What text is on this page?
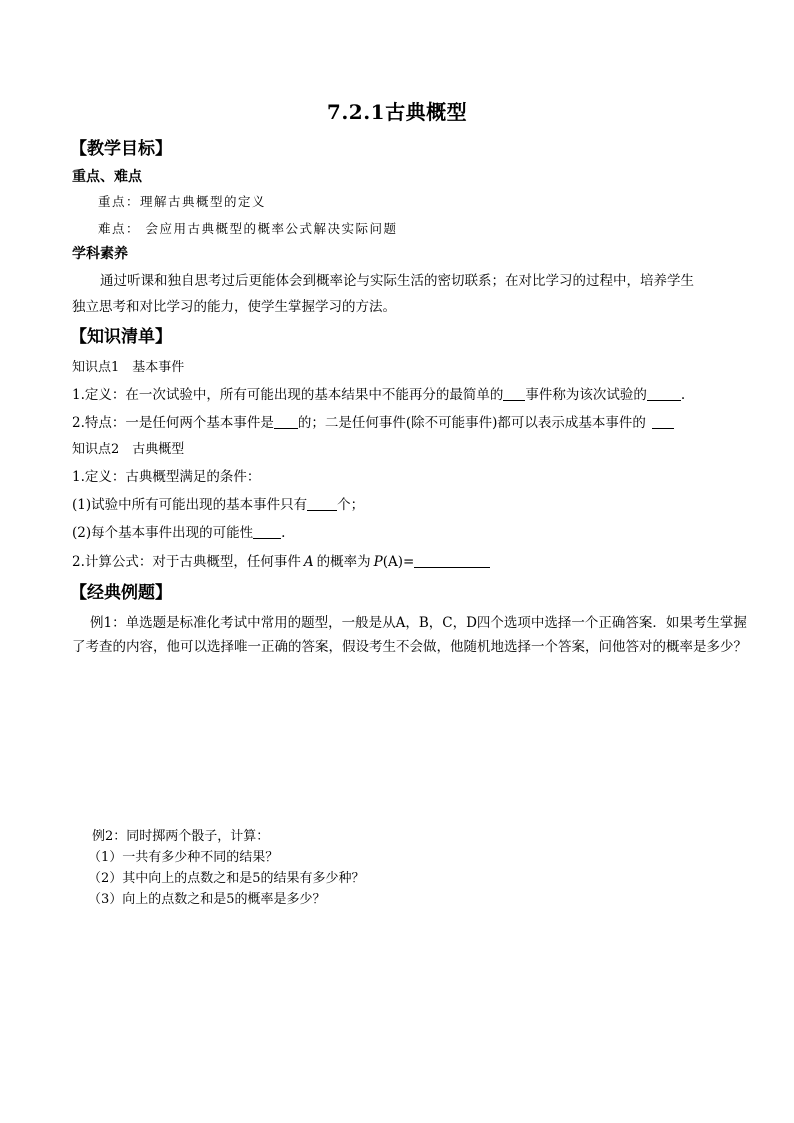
7.2.1古典概型
【教学目标】
重点、难点
重点：理解古典概型的定义
难点： 会应用古典概型的概率公式解决实际问题
学科素养
通过听课和独自思考过后更能体会到概率论与实际生活的密切联系；在对比学习的过程中，培养学生
独立思考和对比学习的能力，使学生掌握学习的方法。
【知识清单】
知识点1　基本事件
1.定义：在一次试验中，所有可能出现的基本结果中不能再分的最简单的 事件称为该次试验的	.
2.特点：一是任何两个基本事件是 的；二是任何事件(除不可能事件)都可以表示成基本事件的
知识点2　古典概型
1.定义：古典概型满足的条件：
(1)试验中所有可能出现的基本事件只有 个；
(2)每个基本事件出现的可能性 .
2.计算公式：对于古典概型，任何事件 A 的概率为 P(A)=
【经典例题】
例1：单选题是标准化考试中常用的题型，一般是从A，B，C，D四个选项中选择一个正确答案．如果考生掌握
了考查的内容，他可以选择唯一正确的答案，假设考生不会做，他随机地选择一个答案，问他答对的概率是多少？
例2：同时掷两个骰子，计算：
（1）一共有多少种不同的结果？
（2）其中向上的点数之和是5的结果有多少种？
（3）向上的点数之和是5的概率是多少？
